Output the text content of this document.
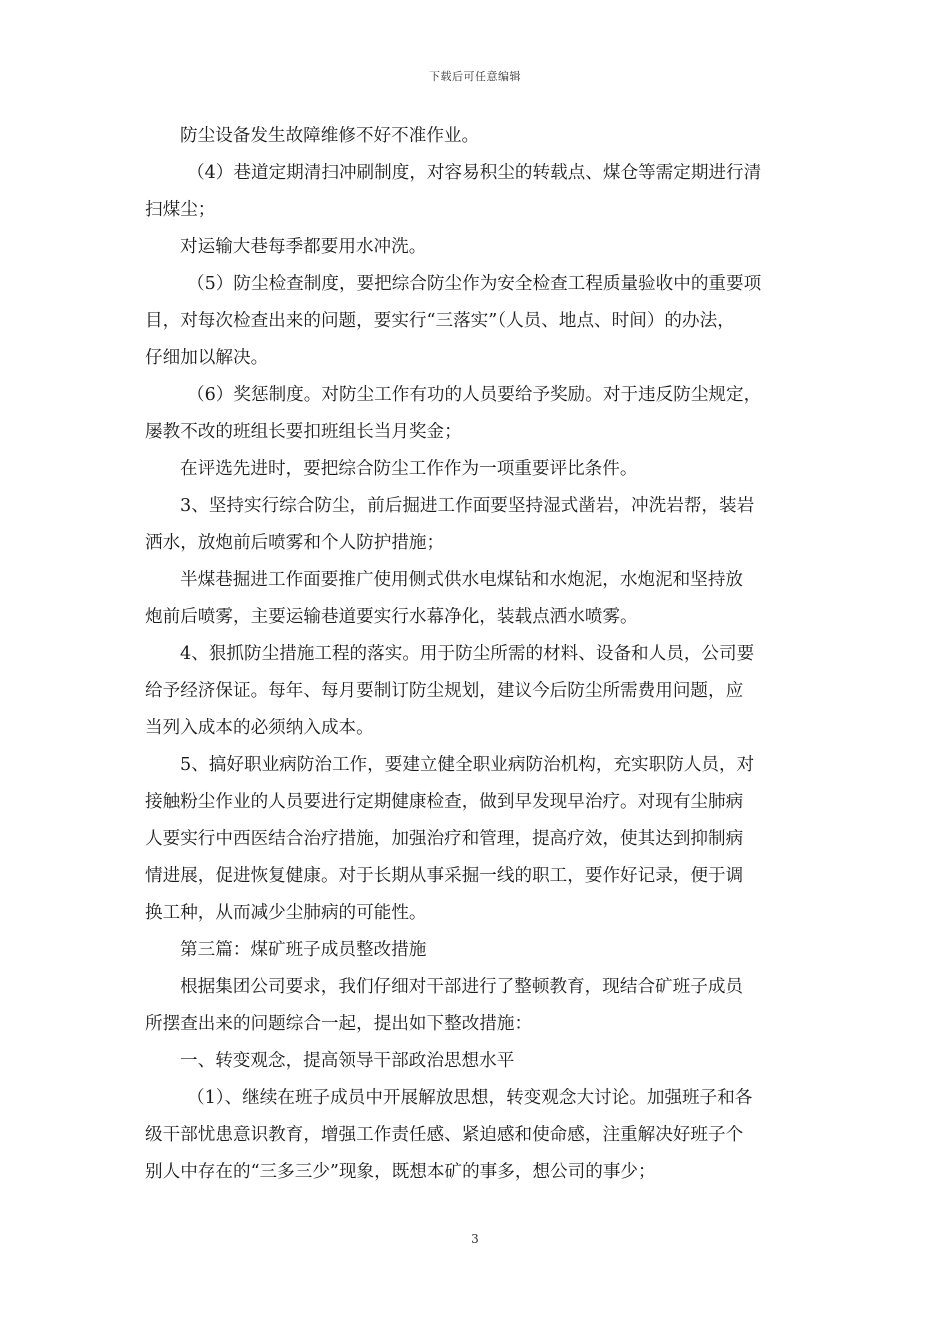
下载后可任意编辑
防尘设备发生故障维修不好不准作业。
（4）巷道定期清扫冲刷制度，对容易积尘的转载点、煤仓等需定期进行清
扫煤尘；
对运输大巷每季都要用水冲洗。
（5）防尘检查制度，要把综合防尘作为安全检查工程质量验收中的重要项
目，对每次检查出来的问题，要实行“三落实”（人员、地点、时间）的办法，
仔细加以解决。
（6）奖惩制度。对防尘工作有功的人员要给予奖励。对于违反防尘规定，
屡教不改的班组长要扣班组长当月奖金；
在评选先进时，要把综合防尘工作作为一项重要评比条件。
3、坚持实行综合防尘，前后掘进工作面要坚持湿式凿岩，冲洗岩帮，装岩
洒水，放炮前后喷雾和个人防护措施；
半煤巷掘进工作面要推广使用侧式供水电煤钻和水炮泥，水炮泥和坚持放
炮前后喷雾，主要运输巷道要实行水幕净化，装载点洒水喷雾。
4、狠抓防尘措施工程的落实。用于防尘所需的材料、设备和人员，公司要
给予经济保证。每年、每月要制订防尘规划，建议今后防尘所需费用问题，应
当列入成本的必须纳入成本。
5、搞好职业病防治工作，要建立健全职业病防治机构，充实职防人员，对
接触粉尘作业的人员要进行定期健康检查，做到早发现早治疗。对现有尘肺病
人要实行中西医结合治疗措施，加强治疗和管理，提高疗效，使其达到抑制病
情进展，促进恢复健康。对于长期从事采掘一线的职工，要作好记录，便于调
换工种，从而减少尘肺病的可能性。
第三篇：煤矿班子成员整改措施
根据集团公司要求，我们仔细对干部进行了整顿教育，现结合矿班子成员
所摆查出来的问题综合一起，提出如下整改措施：
一、转变观念，提高领导干部政治思想水平
（1）、继续在班子成员中开展解放思想，转变观念大讨论。加强班子和各
级干部忧患意识教育，增强工作责任感、紧迫感和使命感，注重解决好班子个
别人中存在的“三多三少”现象，既想本矿的事多，想公司的事少；
3
